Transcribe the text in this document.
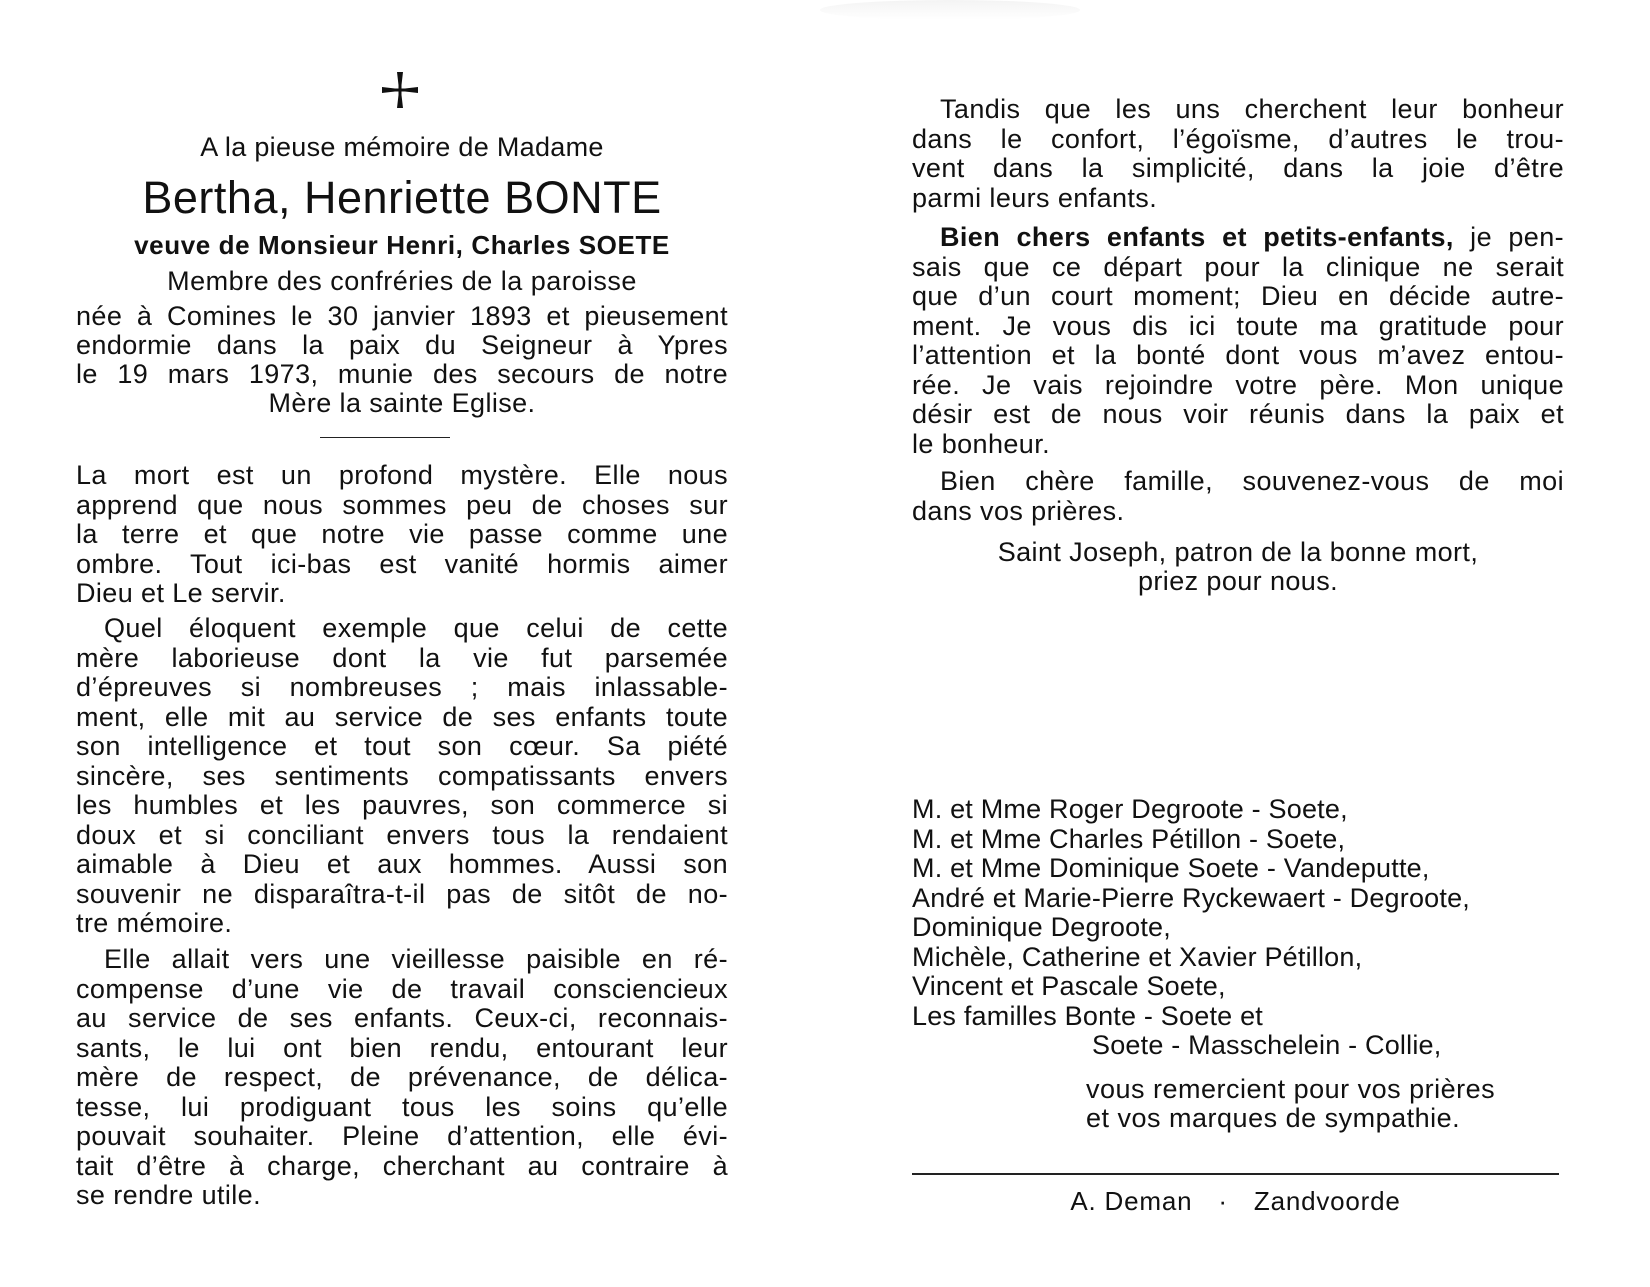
A la pieuse mémoire de Madame
Bertha, Henriette BONTE
veuve de Monsieur Henri, Charles SOETE
Membre des confréries de la paroisse
née à Comines le 30 janvier 1893 et pieusement
endormie dans la paix du Seigneur à Ypres
le 19 mars 1973, munie des secours de notre
Mère la sainte Eglise.
La mort est un profond mystère. Elle nous
apprend que nous sommes peu de choses sur
la terre et que notre vie passe comme une
ombre. Tout ici-bas est vanité hormis aimer
Dieu et Le servir.
Quel éloquent exemple que celui de cette
mère laborieuse dont la vie fut parsemée
d’épreuves si nombreuses ; mais inlassable-
ment, elle mit au service de ses enfants toute
son intelligence et tout son cœur. Sa piété
sincère, ses sentiments compatissants envers
les humbles et les pauvres, son commerce si
doux et si conciliant envers tous la rendaient
aimable à Dieu et aux hommes. Aussi son
souvenir ne disparaîtra-t-il pas de sitôt de no-
tre mémoire.
Elle allait vers une vieillesse paisible en ré-
compense d’une vie de travail consciencieux
au service de ses enfants. Ceux-ci, reconnais-
sants, le lui ont bien rendu, entourant leur
mère de respect, de prévenance, de délica-
tesse, lui prodiguant tous les soins qu’elle
pouvait souhaiter. Pleine d’attention, elle évi-
tait d’être à charge, cherchant au contraire à
se rendre utile.
Tandis que les uns cherchent leur bonheur
dans le confort, l’égoïsme, d’autres le trou-
vent dans la simplicité, dans la joie d’être
parmi leurs enfants.
Bien chers enfants et petits-enfants, je pen-
sais que ce départ pour la clinique ne serait
que d’un court moment; Dieu en décide autre-
ment. Je vous dis ici toute ma gratitude pour
l’attention et la bonté dont vous m’avez entou-
rée. Je vais rejoindre votre père. Mon unique
désir est de nous voir réunis dans la paix et
le bonheur.
Bien chère famille, souvenez-vous de moi
dans vos prières.
Saint Joseph, patron de la bonne mort,
priez pour nous.
M. et Mme Roger Degroote - Soete,
M. et Mme Charles Pétillon - Soete,
M. et Mme Dominique Soete - Vandeputte,
André et Marie-Pierre Ryckewaert - Degroote,
Dominique Degroote,
Michèle, Catherine et Xavier Pétillon,
Vincent et Pascale Soete,
Les familles Bonte - Soete et
Soete - Masschelein - Collie,
vous remercient pour vos prières
et vos marques de sympathie.
A. Deman · Zandvoorde
